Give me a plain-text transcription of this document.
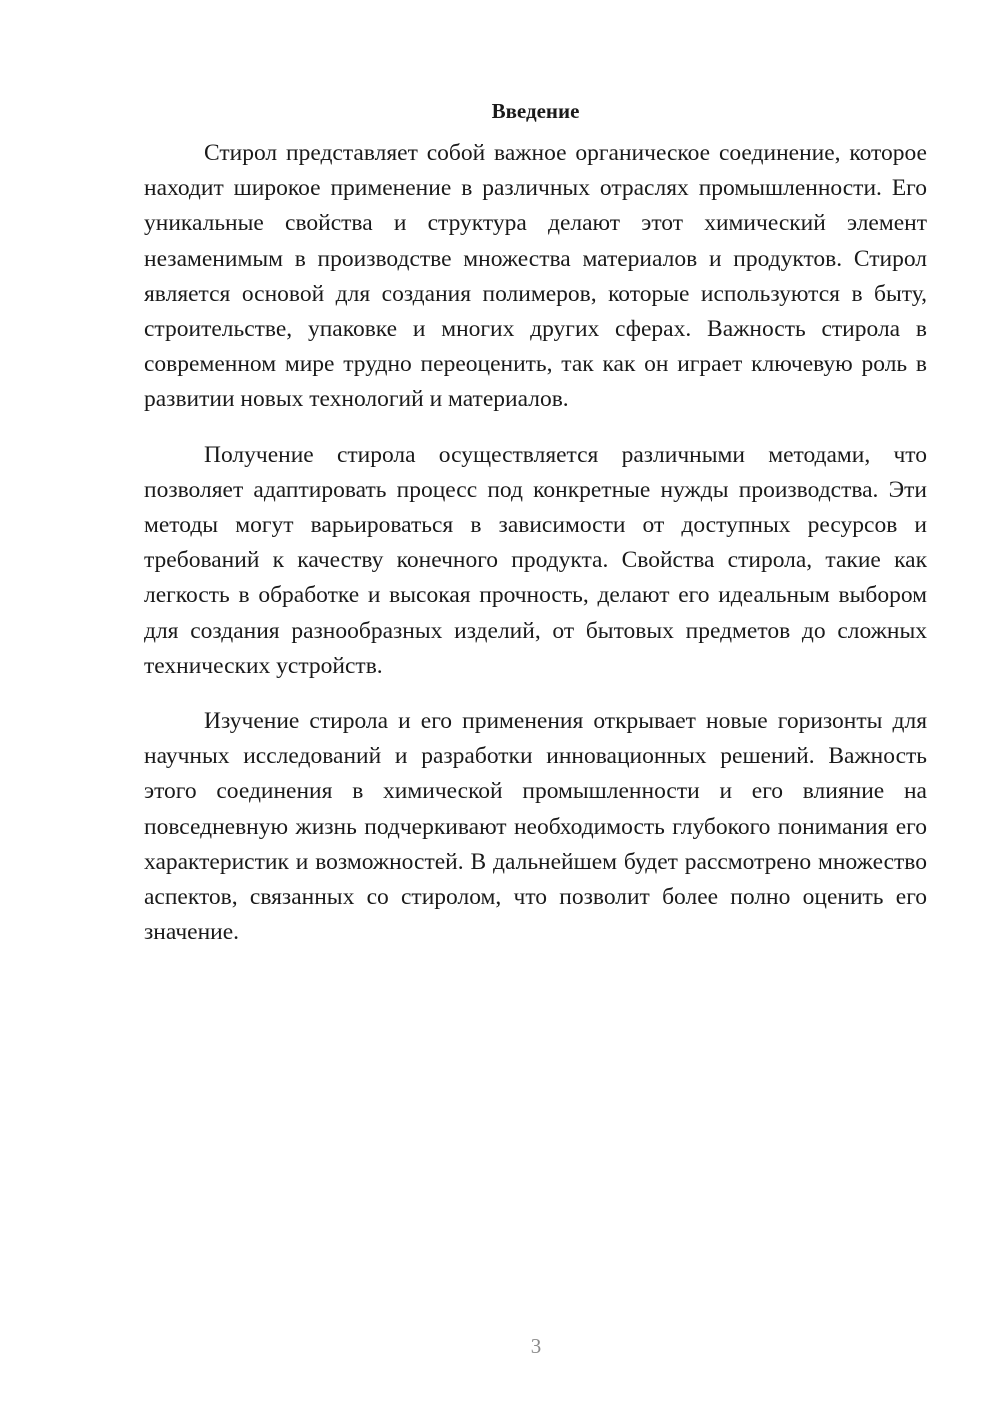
Введение

Стирол представляет собой важное органическое соединение, которое находит широкое применение в различных отраслях промышленности. Его уникальные свойства и структура делают этот химический элемент незаменимым в производстве множества материалов и продуктов. Стирол является основой для создания полимеров, которые используются в быту, строительстве, упаковке и многих других сферах. Важность стирола в современном мире трудно переоценить, так как он играет ключевую роль в развитии новых технологий и материалов.

Получение стирола осуществляется различными методами, что позволяет адаптировать процесс под конкретные нужды производства. Эти методы могут варьироваться в зависимости от доступных ресурсов и требований к качеству конечного продукта. Свойства стирола, такие как легкость в обработке и высокая прочность, делают его идеальным выбором для создания разнообразных изделий, от бытовых предметов до сложных технических устройств.

Изучение стирола и его применения открывает новые горизонты для научных исследований и разработки инновационных решений. Важность этого соединения в химической промышленности и его влияние на повседневную жизнь подчеркивают необходимость глубокого понимания его характеристик и возможностей. В дальнейшем будет рассмотрено множество аспектов, связанных со стиролом, что позволит более полно оценить его значение.

3
